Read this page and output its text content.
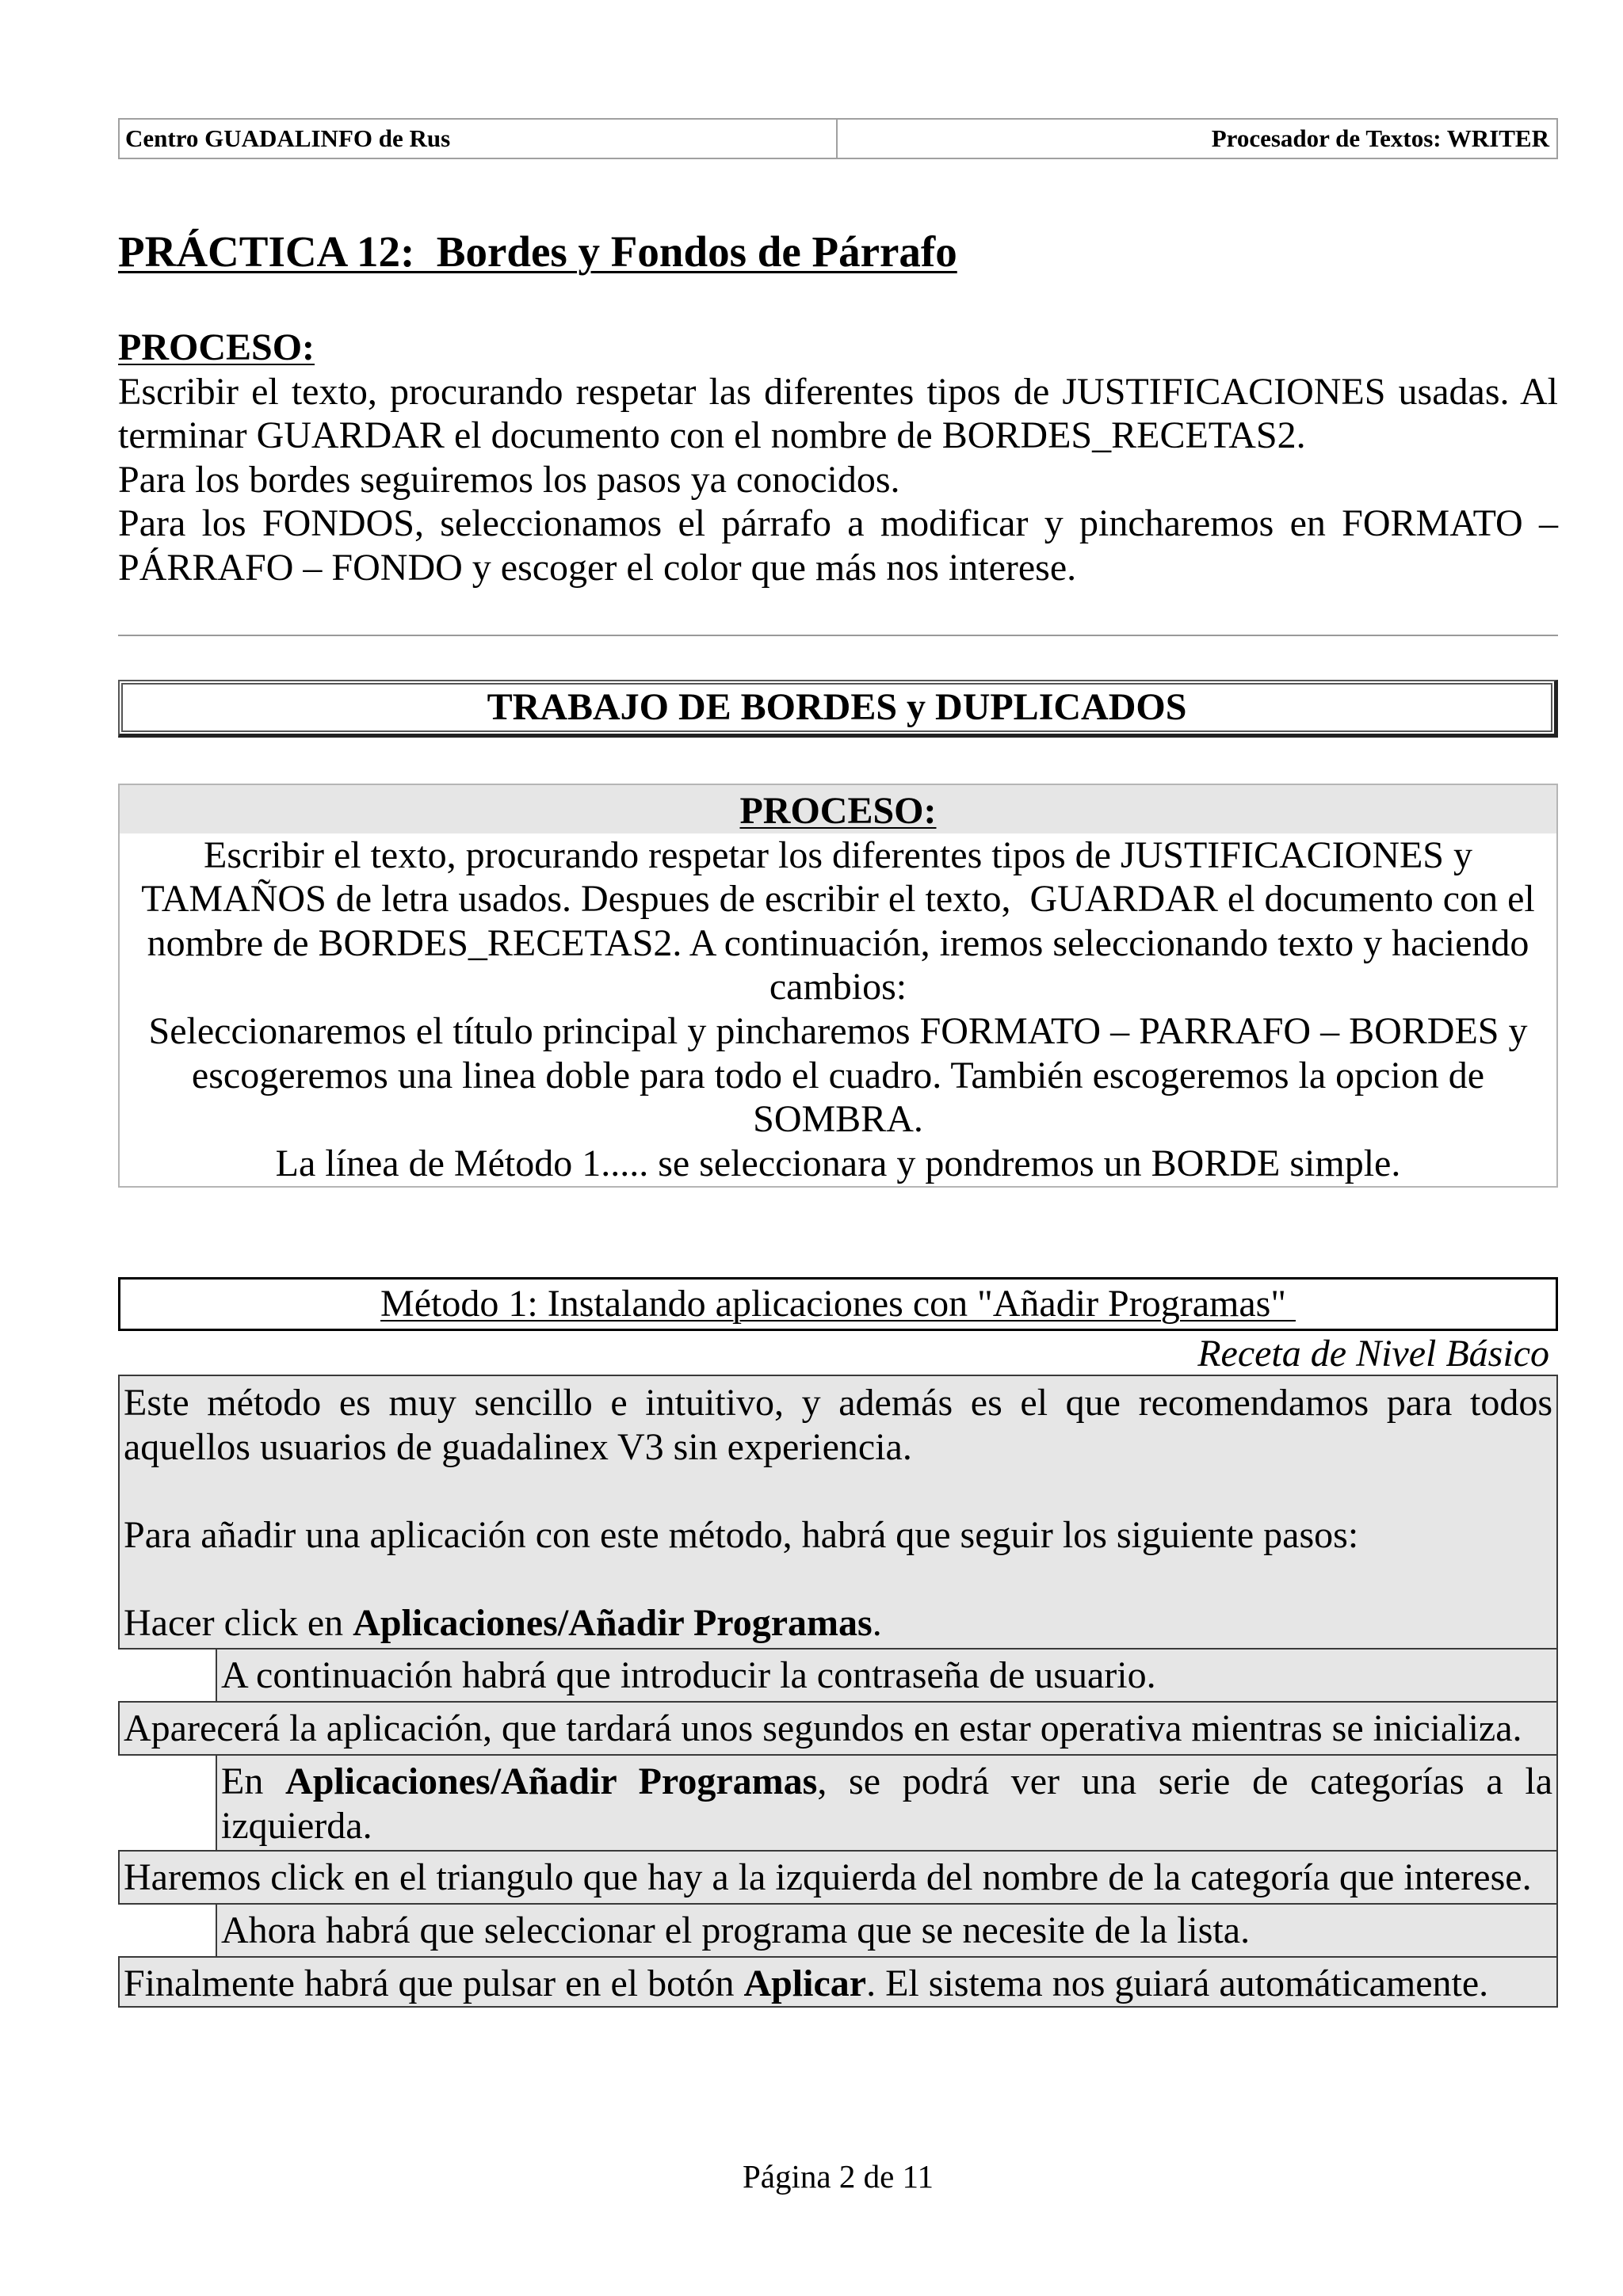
Centro GUADALINFO de Rus	Procesador de Textos: WRITER
PRÁCTICA 12:  Bordes y Fondos de Párrafo
PROCESO:
Escribir el texto, procurando respetar las diferentes tipos de JUSTIFICACIONES usadas. Al
terminar GUARDAR el documento con el nombre de BORDES_RECETAS2.
Para los bordes seguiremos los pasos ya conocidos.
Para los FONDOS, seleccionamos el párrafo a modificar y pincharemos en FORMATO –
PÁRRAFO – FONDO y escoger el color que más nos interese.
TRABAJO DE BORDES y DUPLICADOS
PROCESO:
Escribir el texto, procurando respetar los diferentes tipos de JUSTIFICACIONES y
TAMAÑOS de letra usados. Despues de escribir el texto,  GUARDAR el documento con el
nombre de BORDES_RECETAS2. A continuación, iremos seleccionando texto y haciendo
cambios:
Seleccionaremos el título principal y pincharemos FORMATO – PARRAFO – BORDES y
escogeremos una linea doble para todo el cuadro. También escogeremos la opcion de
SOMBRA.
La línea de Método 1..... se seleccionara y pondremos un BORDE simple.
Método 1: Instalando aplicaciones con "Añadir Programas"
Receta de Nivel Básico
Este método es muy sencillo e intuitivo, y además es el que recomendamos para todos
aquellos usuarios de guadalinex V3 sin experiencia.
Para añadir una aplicación con este método, habrá que seguir los siguiente pasos:
Hacer click en Aplicaciones/Añadir Programas.
A continuación habrá que introducir la contraseña de usuario.
Aparecerá la aplicación, que tardará unos segundos en estar operativa mientras se inicializa.
En Aplicaciones/Añadir Programas, se podrá ver una serie de categorías a la
izquierda.
Haremos click en el triangulo que hay a la izquierda del nombre de la categoría que interese.
Ahora habrá que seleccionar el programa que se necesite de la lista.
Finalmente habrá que pulsar en el botón Aplicar. El sistema nos guiará automáticamente.
Página 2 de 11
